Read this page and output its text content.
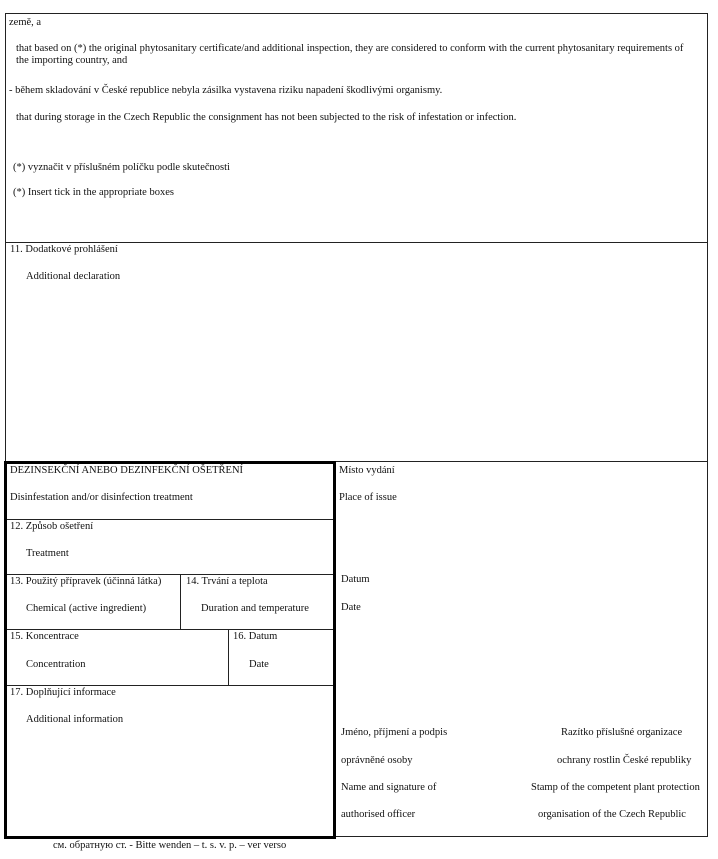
země, a
that based on (*) the original phytosanitary certificate/and additional inspection, they are considered to conform with the current phytosanitary requirements of the importing country, and
- během skladování v České republice nebyla zásilka vystavena riziku napadení škodlivými organismy.
that during storage in the Czech Republic the consignment has not been subjected to the risk of infestation or infection.
(*) vyznačit v příslušném políčku podle skutečnosti
(*) Insert tick in the appropriate boxes
11. Dodatkové prohlášení
Additional declaration
DEZINSEKČNÍ ANEBO DEZINFEKČNÍ OŠETŘENÍ
Disinfestation and/or disinfection treatment
12. Způsob ošetření
Treatment
13. Použitý přípravek (účinná látka)
Chemical (active ingredient)
14. Trvání a teplota
Duration and temperature
15. Koncentrace
Concentration
16. Datum
Date
17. Doplňující informace
Additional information
Místo vydání
Place of issue
Datum
Date
Jméno, příjmení a podpis
oprávněné osoby
Name and signature of
authorised officer
Razítko příslušné organizace
ochrany rostlin České republiky
Stamp of the competent plant protection
organisation of the Czech Republic
см. обратную ст. - Bitte wenden – t. s. v. p. – ver verso
